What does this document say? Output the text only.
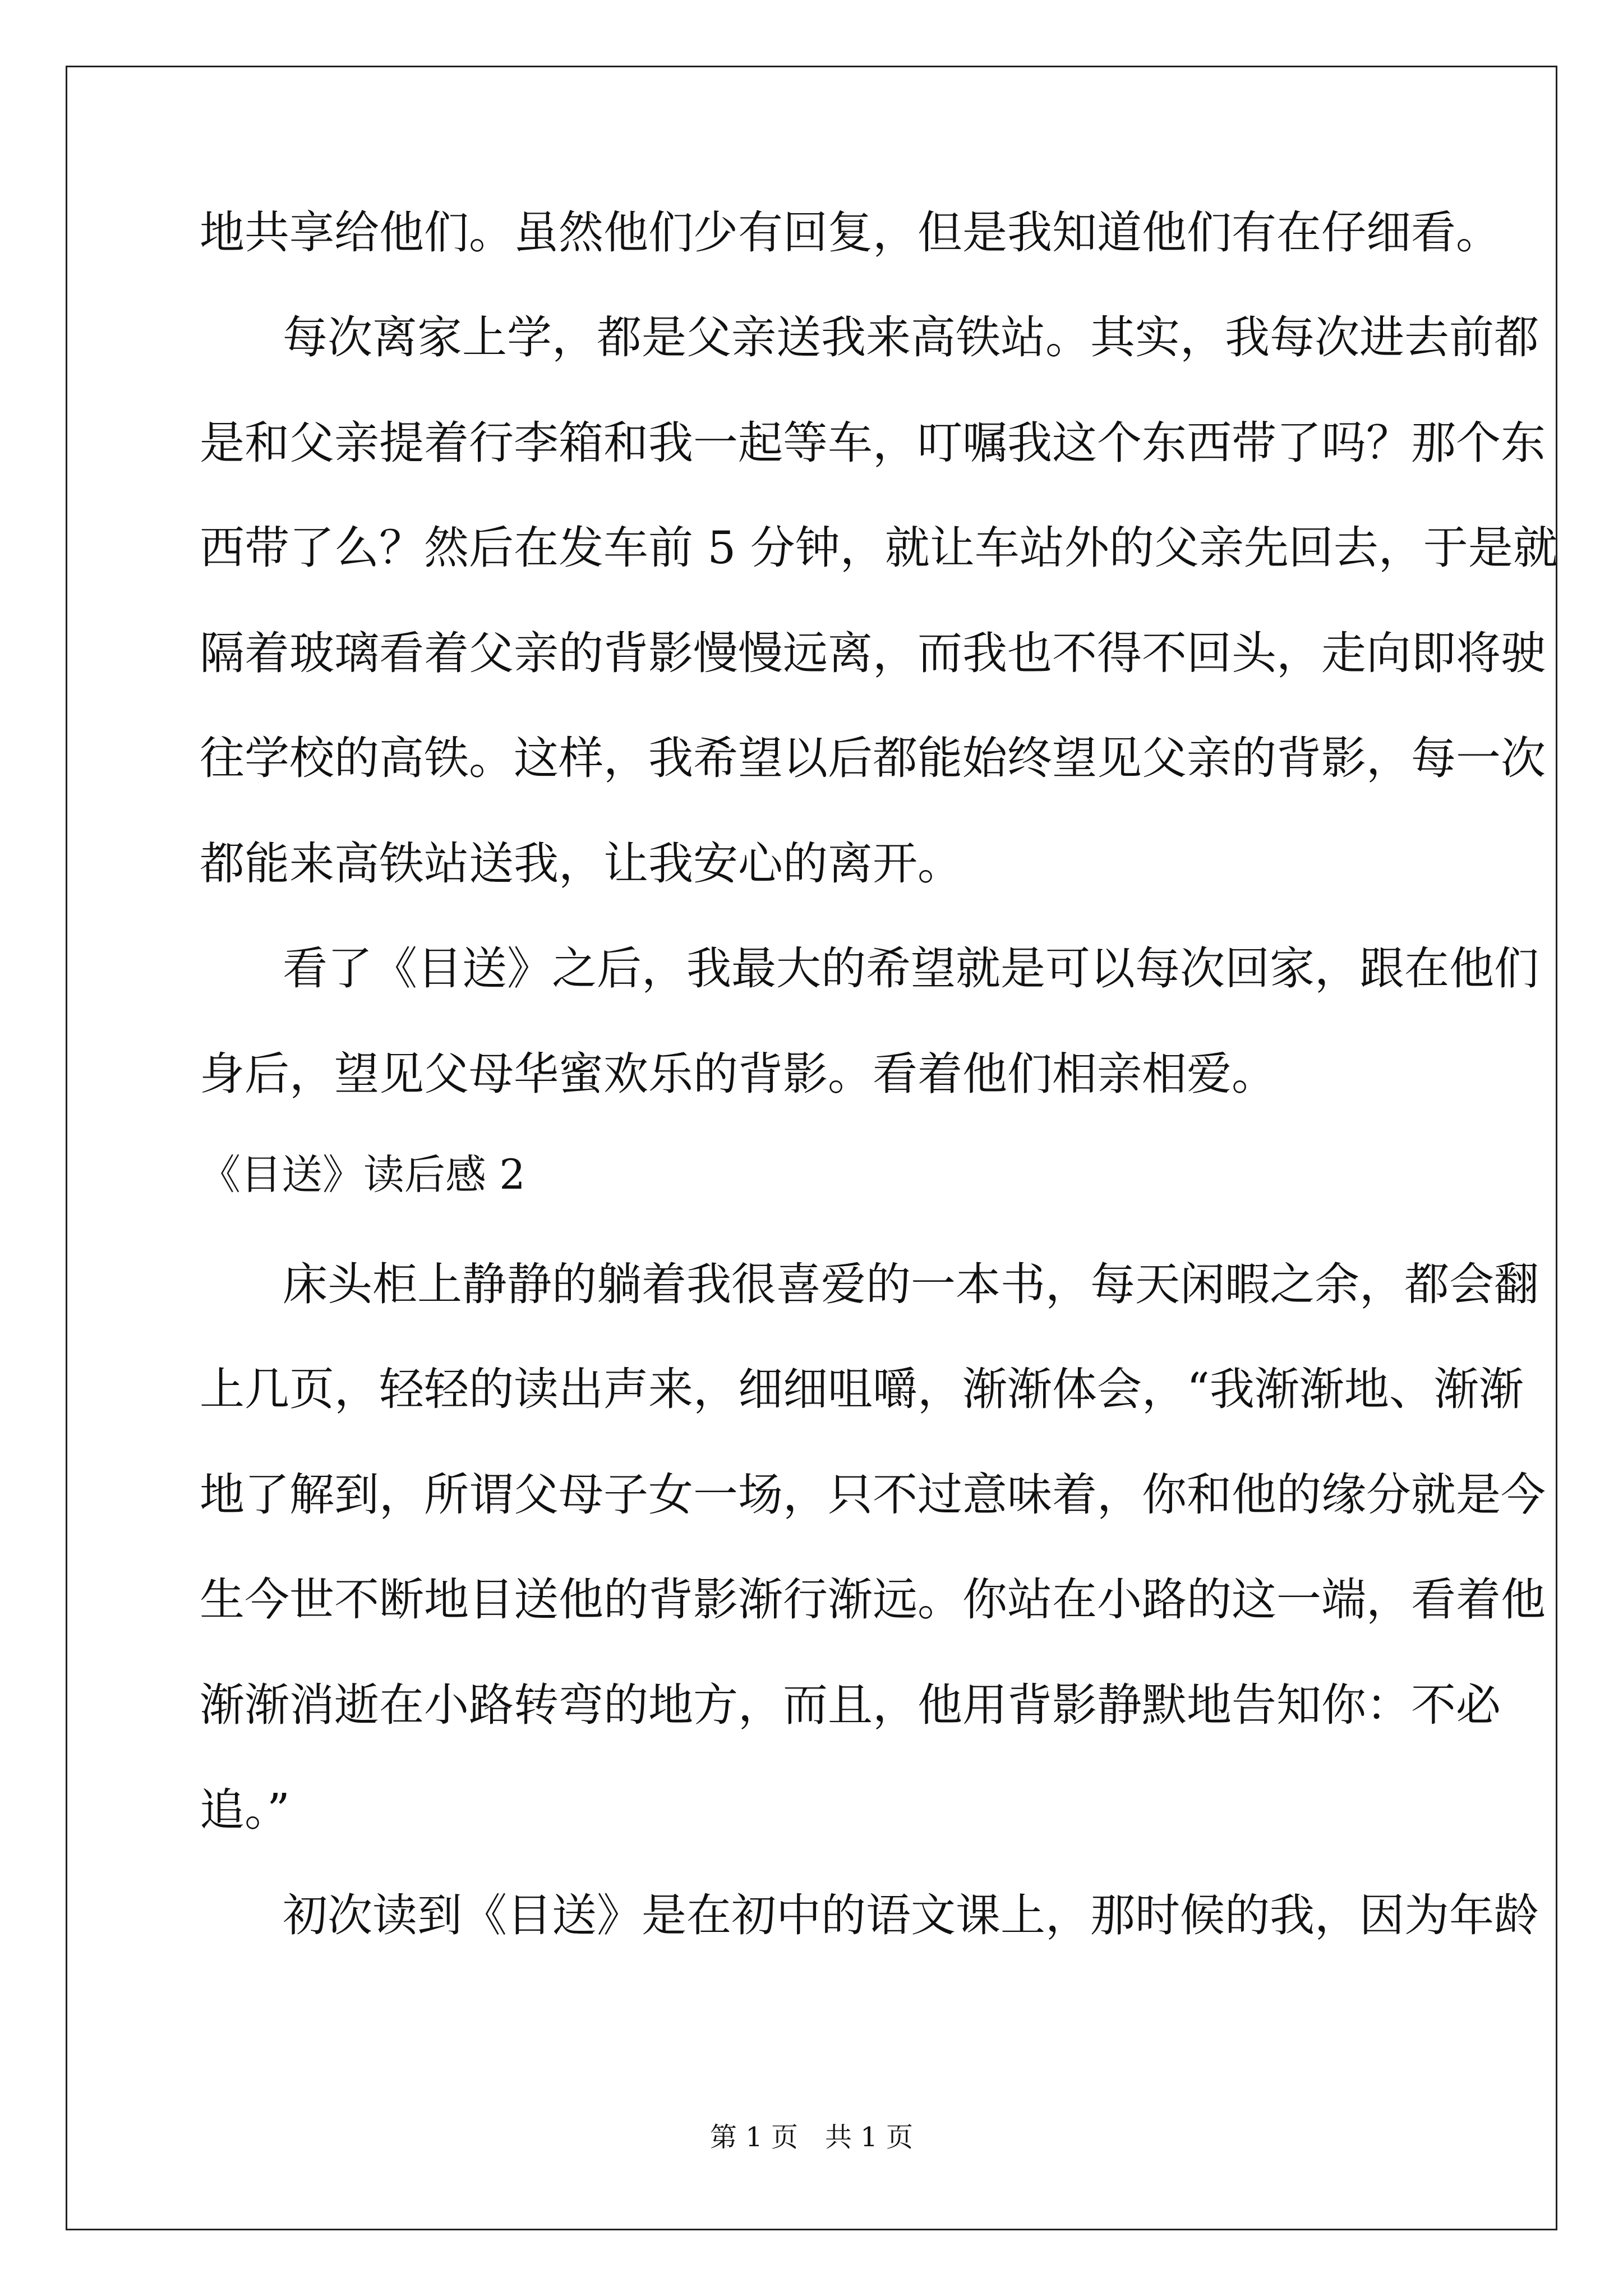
地共享给他们。虽然他们少有回复，但是我知道他们有在仔细看。
每次离家上学，都是父亲送我来高铁站。其实，我每次进去前都
是和父亲提着行李箱和我一起等车，叮嘱我这个东西带了吗？那个东
西带了么？然后在发车前 5 分钟，就让车站外的父亲先回去，于是就
隔着玻璃看着父亲的背影慢慢远离，而我也不得不回头，走向即将驶
往学校的高铁。这样，我希望以后都能始终望见父亲的背影，每一次
都能来高铁站送我，让我安心的离开。
看了《目送》之后，我最大的希望就是可以每次回家，跟在他们
身后，望见父母华蜜欢乐的背影。看着他们相亲相爱。
《目送》读后感 2
床头柜上静静的躺着我很喜爱的一本书，每天闲暇之余，都会翻
上几页，轻轻的读出声来，细细咀嚼，渐渐体会，“我渐渐地、渐渐
地了解到，所谓父母子女一场，只不过意味着，你和他的缘分就是今
生今世不断地目送他的背影渐行渐远。你站在小路的这一端，看着他
渐渐消逝在小路转弯的地方，而且，他用背影静默地告知你：不必
追。”
初次读到《目送》是在初中的语文课上，那时候的我，因为年龄
第 1 页　共 1 页
